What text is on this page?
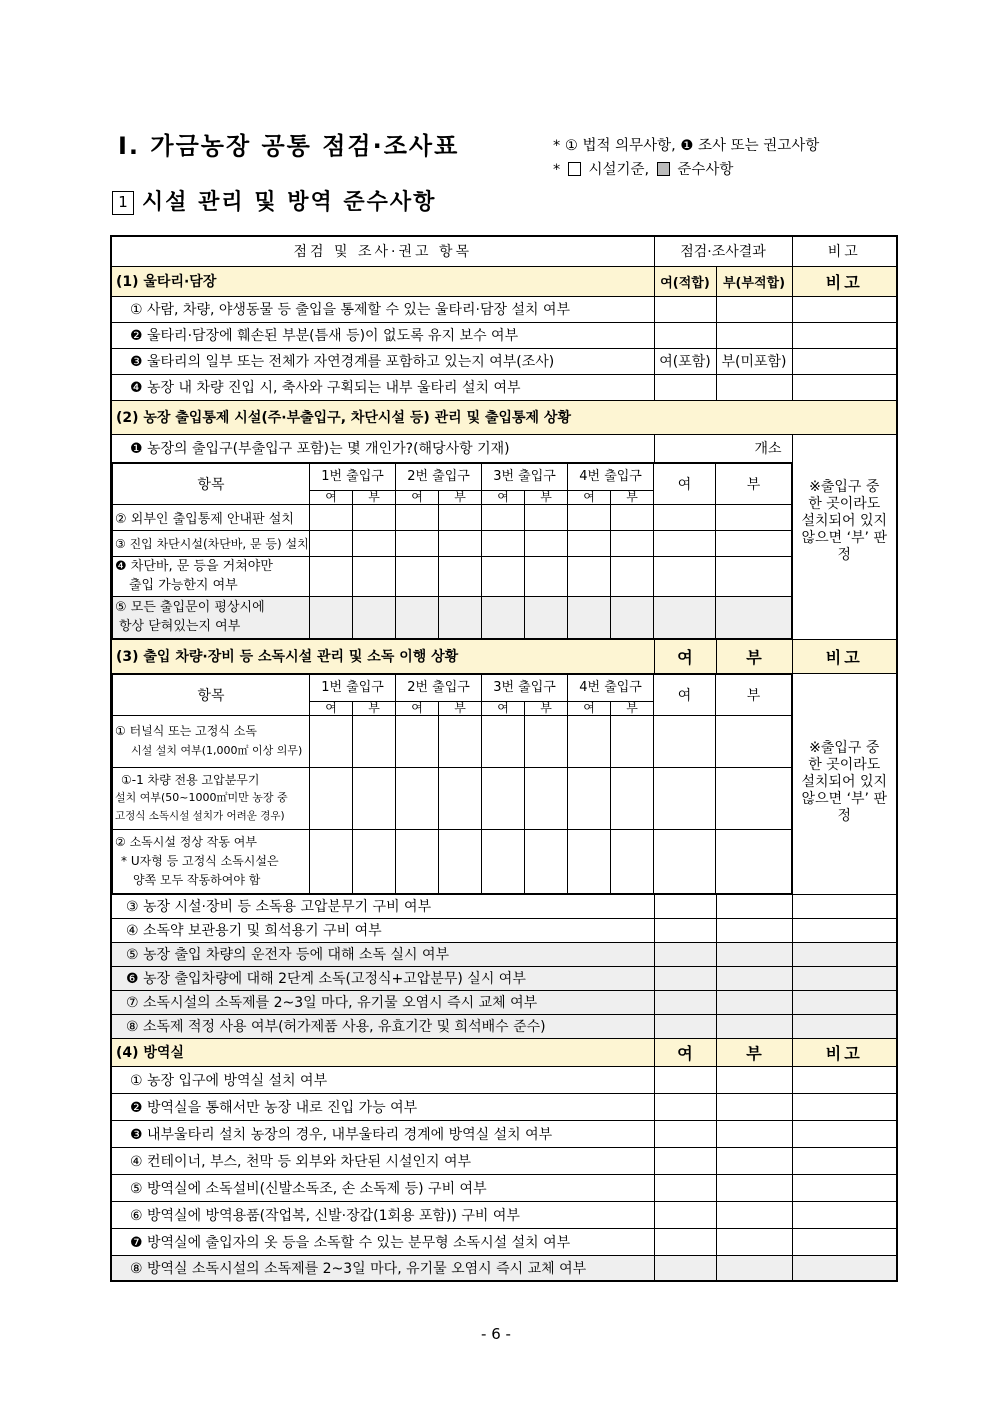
I. 가금농장 공통 점검·조사표	* ① 법적 의무사항, ❶ 조사 또는 권고사항
*  시설기준,  준수사항
1 시설 관리 및 방역 준수사항
점검 및 조사·권고 항목	점검·조사결과	비고
(1) 울타리·담장	여(적합)	부(부적합)	비고
① 사람, 차량, 야생동물 등 출입을 통제할 수 있는 울타리·담장 설치 여부			
❷ 울타리·담장에 훼손된 부분(틈새 등)이 없도록 유지 보수 여부			
❸ 울타리의 일부 또는 전체가 자연경계를 포함하고 있는지 여부(조사)	여(포함)	부(미포함)	
❹ 농장 내 차량 진입 시, 축사와 구획되는 내부 울타리 설치 여부			
(2) 농장 출입통제 시설(주·부출입구, 차단시설 등) 관리 및 출입통제 상황
❶ 농장의 출입구(부출입구 포함)는 몇 개인가?(해당사항 기재)	개소	※출입구 중 한 곳이라도 설치되어 있지 않으면 ‘부’ 판정

항목	1번 출입구	2번 출입구	3번 출입구	4번 출입구	여	부
여	부	여	부	여	부	여	부
② 외부인 출입통제 안내판 설치										
③ 진입 차단시설(차단바, 문 등) 설치										

❹ 차단바, 문 등을 거쳐야만
출입 가능한지 여부

⑤ 모든 출입문이 평상시에
항상 닫혀있는지 여부

(3) 출입 차량·장비 등 소독시설 관리 및 소독 이행 상황	여	부	비고

항목	1번 출입구	2번 출입구	3번 출입구	4번 출입구	여	부
여	부	여	부	여	부	여	부

① 터널식 또는 고정식 소독
시설 설치 여부(1,000㎡ 이상 의무)

①-1 차량 전용 고압분무기
설치 여부(50~1000㎡미만 농장 중
고정식 소독시설 설치가 어려운 경우)

② 소독시설 정상 작동 여부
* U자형 등 고정식 소독시설은
양쪽 모두 작동하여야 함

	※출입구 중 한 곳이라도 설치되어 있지 않으면 ‘부’ 판정
③ 농장 시설·장비 등 소독용 고압분무기 구비 여부			
④ 소독약 보관용기 및 희석용기 구비 여부			
⑤ 농장 출입 차량의 운전자 등에 대해 소독 실시 여부			
❻ 농장 출입차량에 대해 2단계 소독(고정식+고압분무) 실시 여부			
⑦ 소독시설의 소독제를 2~3일 마다, 유기물 오염시 즉시 교체 여부			
⑧ 소독제 적정 사용 여부(허가제품 사용, 유효기간 및 희석배수 준수)			
(4) 방역실	여	부	비고
① 농장 입구에 방역실 설치 여부			
❷ 방역실을 통해서만 농장 내로 진입 가능 여부			
❸ 내부울타리 설치 농장의 경우, 내부울타리 경계에 방역실 설치 여부			
④ 컨테이너, 부스, 천막 등 외부와 차단된 시설인지 여부			
⑤ 방역실에 소독설비(신발소독조, 손 소독제 등) 구비 여부			
⑥ 방역실에 방역용품(작업복, 신발·장갑(1회용 포함)) 구비 여부			
❼ 방역실에 출입자의 옷 등을 소독할 수 있는 분무형 소독시설 설치 여부			
⑧ 방역실 소독시설의 소독제를 2~3일 마다, 유기물 오염시 즉시 교체 여부			
- 6 -
